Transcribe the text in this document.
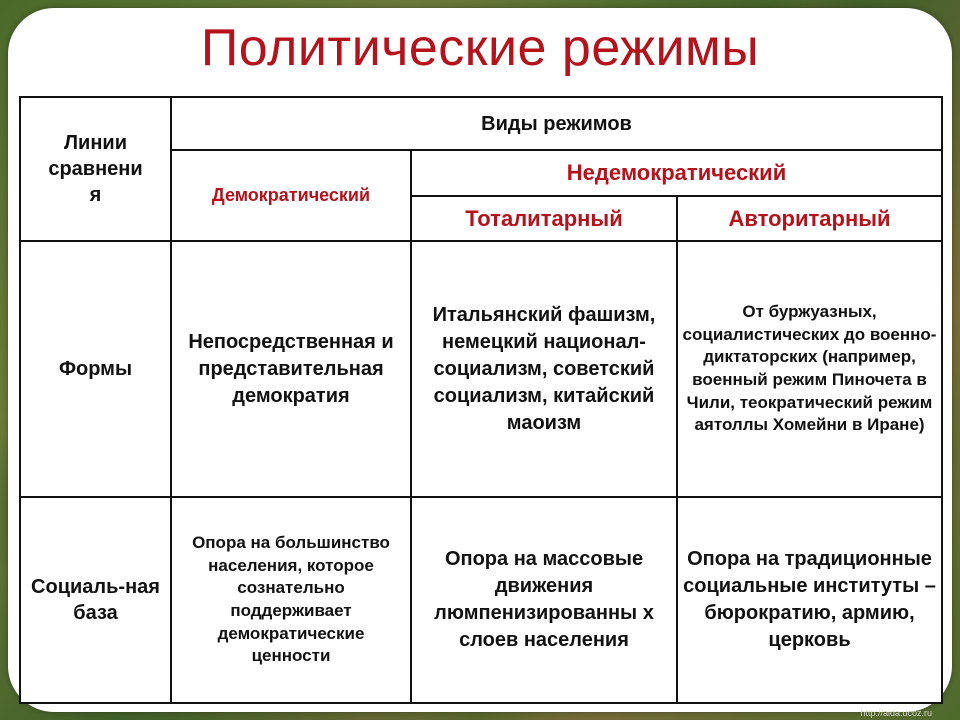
Политические режимы
Линии
сравнени
я	Виды режимов		
	Демократический	Недемократический	
		Тоталитарный	Авторитарный
Формы	Непосредственная и представительная демократия	Итальянский фашизм, немецкий национал-социализм, советский социализм, китайский маоизм	От буржуазных, социалистических до военно-диктаторских (например, военный режим Пиночета в Чили, теократический режим аятоллы Хомейни в Иране)
Социаль-ная база	Опора на большинство населения, которое сознательно поддерживает демократические ценности	Опора на массовые движения люмпенизированны х слоев населения	Опора на традиционные социальные институты – бюрократию, армию, церковь
http://aida.ucoz.ru
